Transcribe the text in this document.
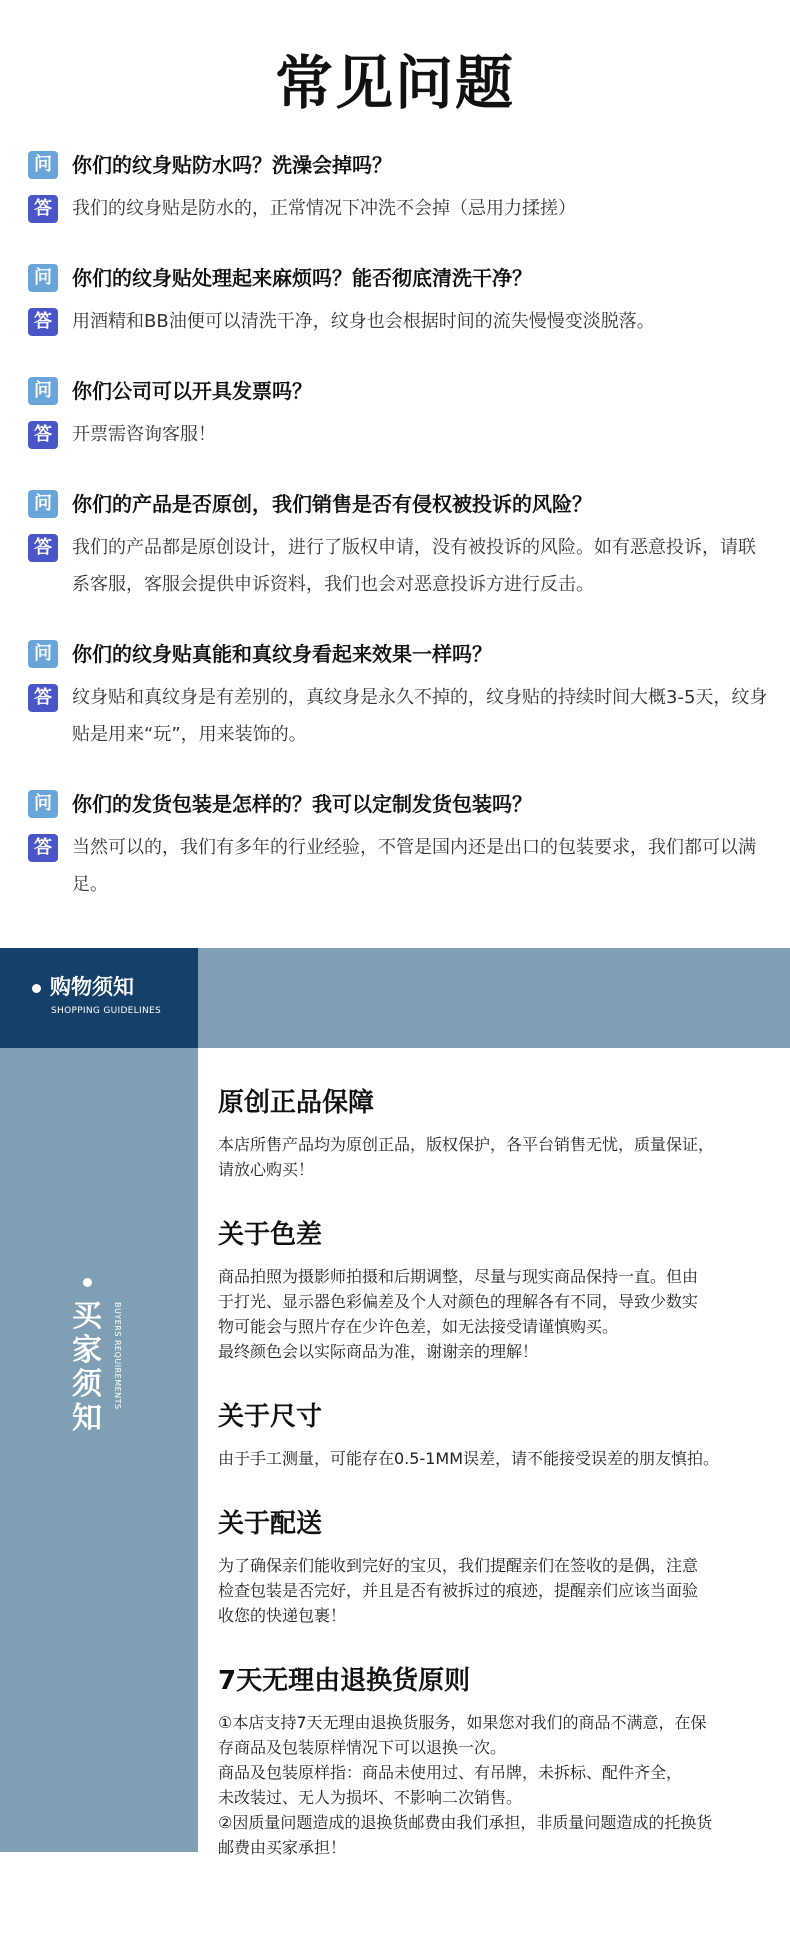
常见问题
问	你们的纹身贴防水吗？洗澡会掉吗？
答	我们的纹身贴是防水的，正常情况下冲洗不会掉（忌用力揉搓）
问	你们的纹身贴处理起来麻烦吗？能否彻底清洗干净？
答	用酒精和BB油便可以清洗干净，纹身也会根据时间的流失慢慢变淡脱落。
问	你们公司可以开具发票吗？
答	开票需咨询客服！
问	你们的产品是否原创，我们销售是否有侵权被投诉的风险？
答	我们的产品都是原创设计，进行了版权申请，没有被投诉的风险。如有恶意投诉，请联系客服，客服会提供申诉资料，我们也会对恶意投诉方进行反击。
问	你们的纹身贴真能和真纹身看起来效果一样吗？
答	纹身贴和真纹身是有差别的，真纹身是永久不掉的，纹身贴的持续时间大概3-5天，纹身贴是用来“玩”，用来装饰的。
问	你们的发货包装是怎样的？我可以定制发货包装吗？
答	当然可以的，我们有多年的行业经验，不管是国内还是出口的包装要求，我们都可以满足。
购物须知
SHOPPING GUIDELINES
买家须知
BUYERS REQUIREMENTS
原创正品保障

本店所售产品均为原创正品，版权保护，各平台销售无忧，质量保证，
请放心购买！

关于色差

商品拍照为摄影师拍摄和后期调整，尽量与现实商品保持一直。但由
于打光、显示器色彩偏差及个人对颜色的理解各有不同，导致少数实
物可能会与照片存在少许色差，如无法接受请谨慎购买。
最终颜色会以实际商品为准，谢谢亲的理解！

关于尺寸

由于手工测量，可能存在0.5-1MM误差，请不能接受误差的朋友慎拍。

关于配送

为了确保亲们能收到完好的宝贝，我们提醒亲们在签收的是偶，注意
检查包装是否完好，并且是否有被拆过的痕迹，提醒亲们应该当面验
收您的快递包裹！

7天无理由退换货原则

①本店支持7天无理由退换货服务，如果您对我们的商品不满意，在保
存商品及包装原样情况下可以退换一次。
商品及包装原样指：商品未使用过、有吊牌，未拆标、配件齐全，
未改装过、无人为损坏、不影响二次销售。
②因质量问题造成的退换货邮费由我们承担，非质量问题造成的托换货
邮费由买家承担！
